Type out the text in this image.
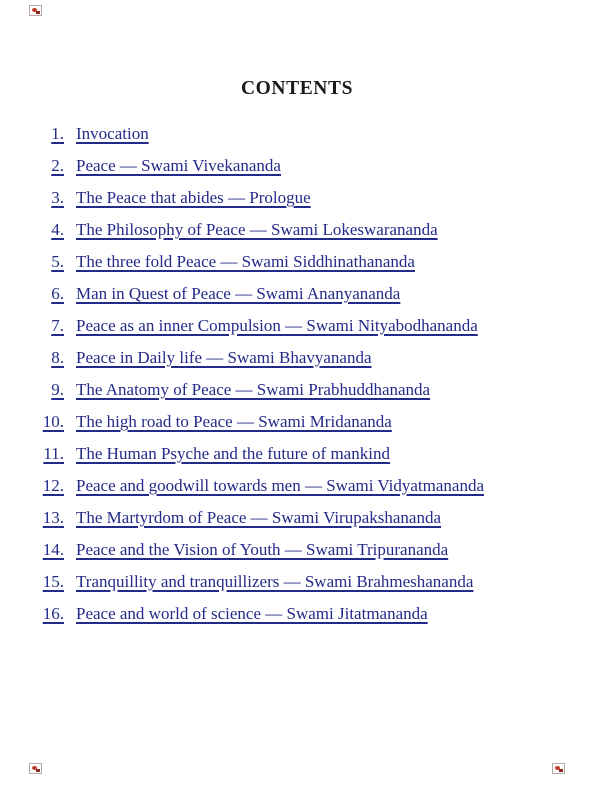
CONTENTS
1. Invocation
2. Peace — Swami Vivekananda
3. The Peace that abides — Prologue
4. The Philosophy of Peace — Swami Lokeswarananda
5. The three fold Peace — Swami Siddhinathananda
6. Man in Quest of Peace — Swami Ananyananda
7. Peace as an inner Compulsion — Swami Nityabodhananda
8. Peace in Daily life — Swami Bhavyananda
9. The Anatomy of Peace — Swami Prabhuddhananda
10. The high road to Peace — Swami Mridananda
11. The Human Psyche and the future of mankind
12. Peace and goodwill towards men — Swami Vidyatmananda
13. The Martyrdom of Peace — Swami Virupakshananda
14. Peace and the Vision of Youth — Swami Tripurananda
15. Tranquillity and tranquillizers — Swami Brahmeshananda
16. Peace and world of science — Swami Jitatmananda
